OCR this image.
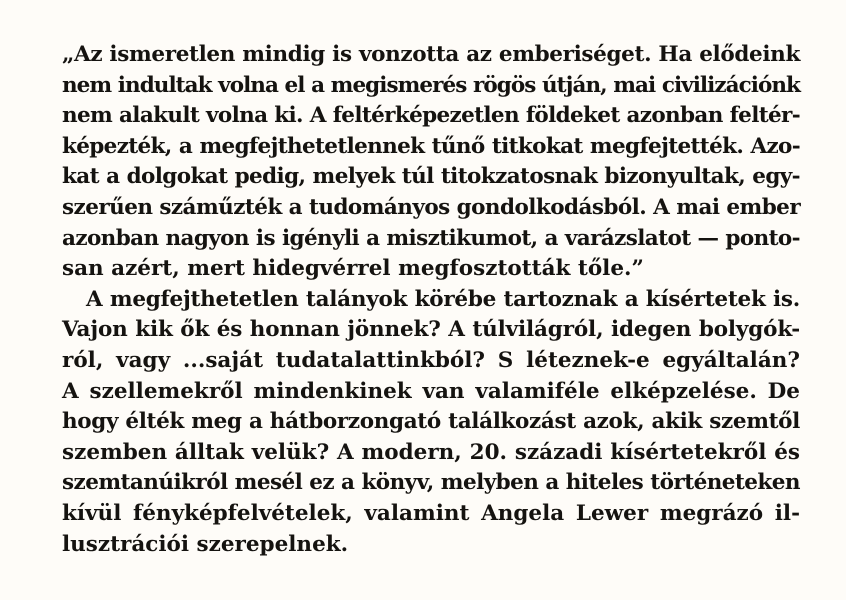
„Az ismeretlen mindig is vonzotta az emberiséget. Ha elődeink
nem indultak volna el a megismerés rögös útján, mai civilizációnk
nem alakult volna ki. A feltérképezetlen földeket azonban feltér-
képezték, a megfejthetetlennek tűnő titkokat megfejtették. Azo-
kat a dolgokat pedig, melyek túl titokzatosnak bizonyultak, egy-
szerűen száműzték a tudományos gondolkodásból. A mai ember
azonban nagyon is igényli a misztikumot, a varázslatot — ponto-
san azért, mert hidegvérrel megfosztották tőle.”
A megfejthetetlen talányok körébe tartoznak a kísértetek is.
Vajon kik ők és honnan jönnek? A túlvilágról, idegen bolygók-
ról, vagy ...saját tudatalattinkból? S léteznek-e egyáltalán?
A szellemekről mindenkinek van valamiféle elképzelése. De
hogy élték meg a hátborzongató találkozást azok, akik szemtől
szemben álltak velük? A modern, 20. századi kísértetekről és
szemtanúikról mesél ez a könyv, melyben a hiteles történeteken
kívül fényképfelvételek, valamint Angela Lewer megrázó il-
lusztrációi szerepelnek.
